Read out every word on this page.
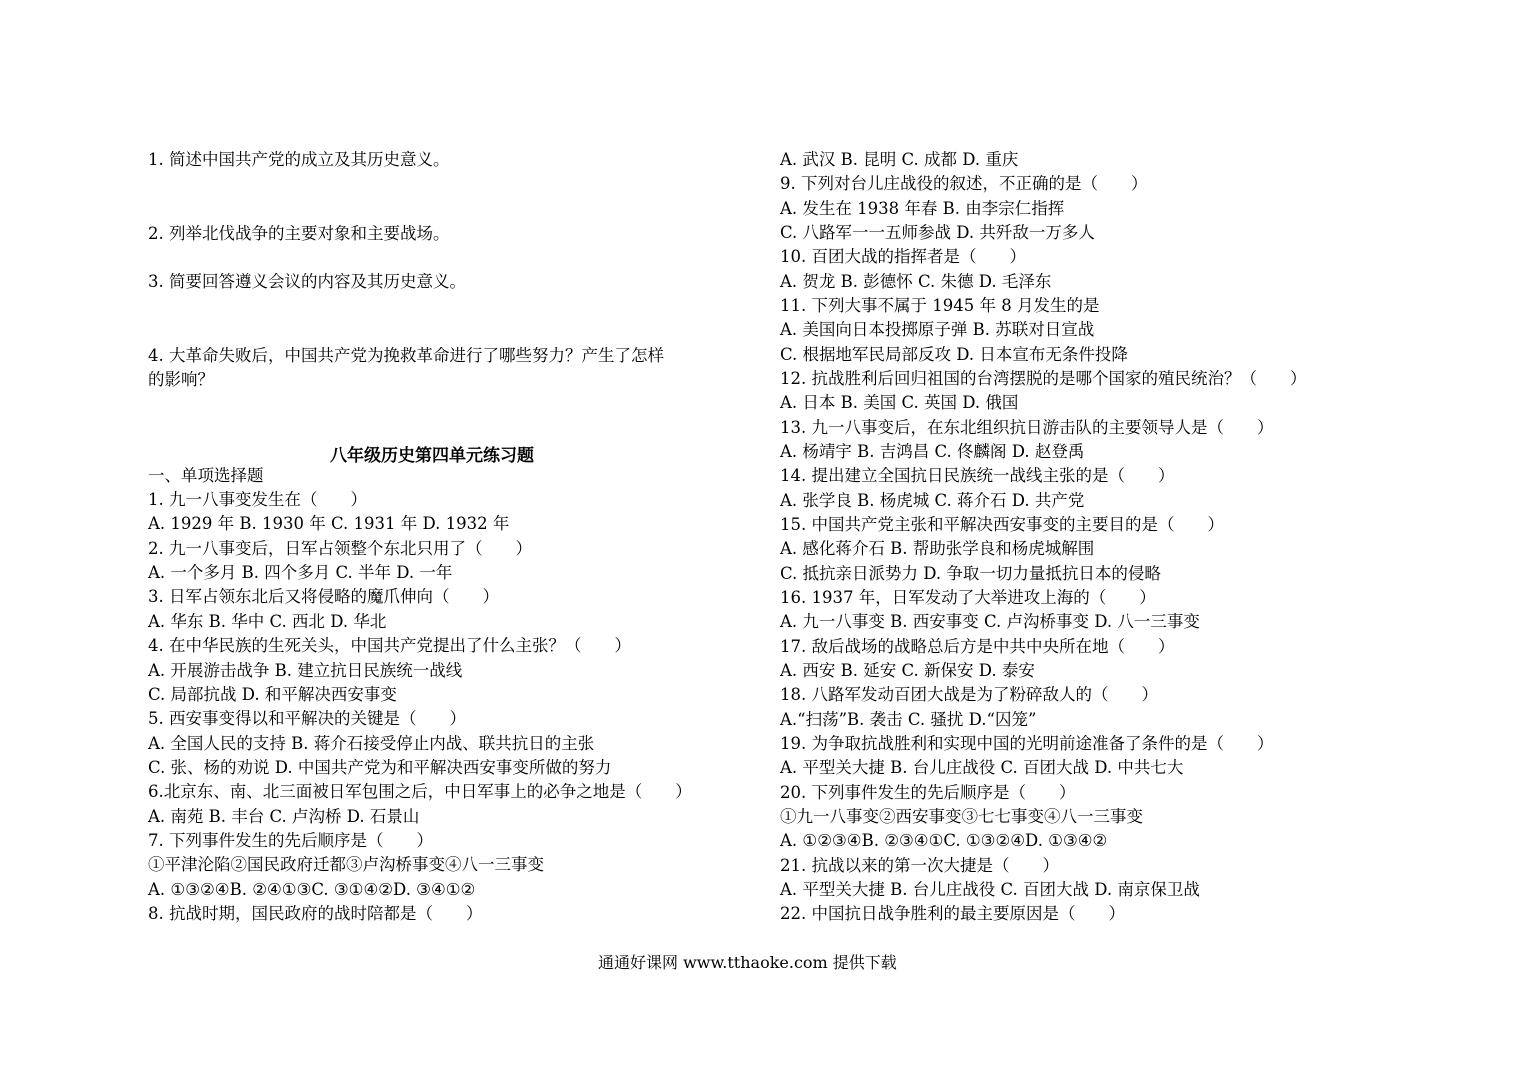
1. 简述中国共产党的成立及其历史意义。
2. 列举北伐战争的主要对象和主要战场。
3. 简要回答遵义会议的内容及其历史意义。
4. 大革命失败后，中国共产党为挽救革命进行了哪些努力？产生了怎样
的影响？
八年级历史第四单元练习题
一、单项选择题
1. 九一八事变发生在（　　）
A. 1929 年 B. 1930 年 C. 1931 年 D. 1932 年
2. 九一八事变后，日军占领整个东北只用了（　　）
A. 一个多月 B. 四个多月 C. 半年 D. 一年
3. 日军占领东北后又将侵略的魔爪伸向（　　）
A. 华东 B. 华中 C. 西北 D. 华北
4. 在中华民族的生死关头，中国共产党提出了什么主张？（　　）
A. 开展游击战争 B. 建立抗日民族统一战线
C. 局部抗战 D. 和平解决西安事变
5. 西安事变得以和平解决的关键是（　　）
A. 全国人民的支持 B. 蒋介石接受停止内战、联共抗日的主张
C. 张、杨的劝说 D. 中国共产党为和平解决西安事变所做的努力
6.北京东、南、北三面被日军包围之后，中日军事上的必争之地是（　　）
A. 南苑 B. 丰台 C. 卢沟桥 D. 石景山
7. 下列事件发生的先后顺序是（　　）
①平津沦陷②国民政府迁都③卢沟桥事变④八一三事变
A. ①③②④B. ②④①③C. ③①④②D. ③④①②
8. 抗战时期，国民政府的战时陪都是（　　）
A. 武汉 B. 昆明 C. 成都 D. 重庆
9. 下列对台儿庄战役的叙述，不正确的是（　　）
A. 发生在 1938 年春 B. 由李宗仁指挥
C. 八路军一一五师参战 D. 共歼敌一万多人
10. 百团大战的指挥者是（　　）
A. 贺龙 B. 彭德怀 C. 朱德 D. 毛泽东
11. 下列大事不属于 1945 年 8 月发生的是
A. 美国向日本投掷原子弹 B. 苏联对日宣战
C. 根据地军民局部反攻 D. 日本宣布无条件投降
12. 抗战胜利后回归祖国的台湾摆脱的是哪个国家的殖民统治？（　　）
A. 日本 B. 美国 C. 英国 D. 俄国
13. 九一八事变后，在东北组织抗日游击队的主要领导人是（　　）
A. 杨靖宇 B. 吉鸿昌 C. 佟麟阁 D. 赵登禹
14. 提出建立全国抗日民族统一战线主张的是（　　）
A. 张学良 B. 杨虎城 C. 蒋介石 D. 共产党
15. 中国共产党主张和平解决西安事变的主要目的是（　　）
A. 感化蒋介石 B. 帮助张学良和杨虎城解围
C. 抵抗亲日派势力 D. 争取一切力量抵抗日本的侵略
16. 1937 年，日军发动了大举进攻上海的（　　）
A. 九一八事变 B. 西安事变 C. 卢沟桥事变 D. 八一三事变
17. 敌后战场的战略总后方是中共中央所在地（　　）
A. 西安 B. 延安 C. 新保安 D. 泰安
18. 八路军发动百团大战是为了粉碎敌人的（　　）
A.“扫荡”B. 袭击 C. 骚扰 D.“囚笼”
19. 为争取抗战胜利和实现中国的光明前途准备了条件的是（　　）
A. 平型关大捷 B. 台儿庄战役 C. 百团大战 D. 中共七大
20. 下列事件发生的先后顺序是（　　）
①九一八事变②西安事变③七七事变④八一三事变
A. ①②③④B. ②③④①C. ①③②④D. ①③④②
21. 抗战以来的第一次大捷是（　　）
A. 平型关大捷 B. 台儿庄战役 C. 百团大战 D. 南京保卫战
22. 中国抗日战争胜利的最主要原因是（　　）
通通好课网 www.tthaoke.com 提供下载
